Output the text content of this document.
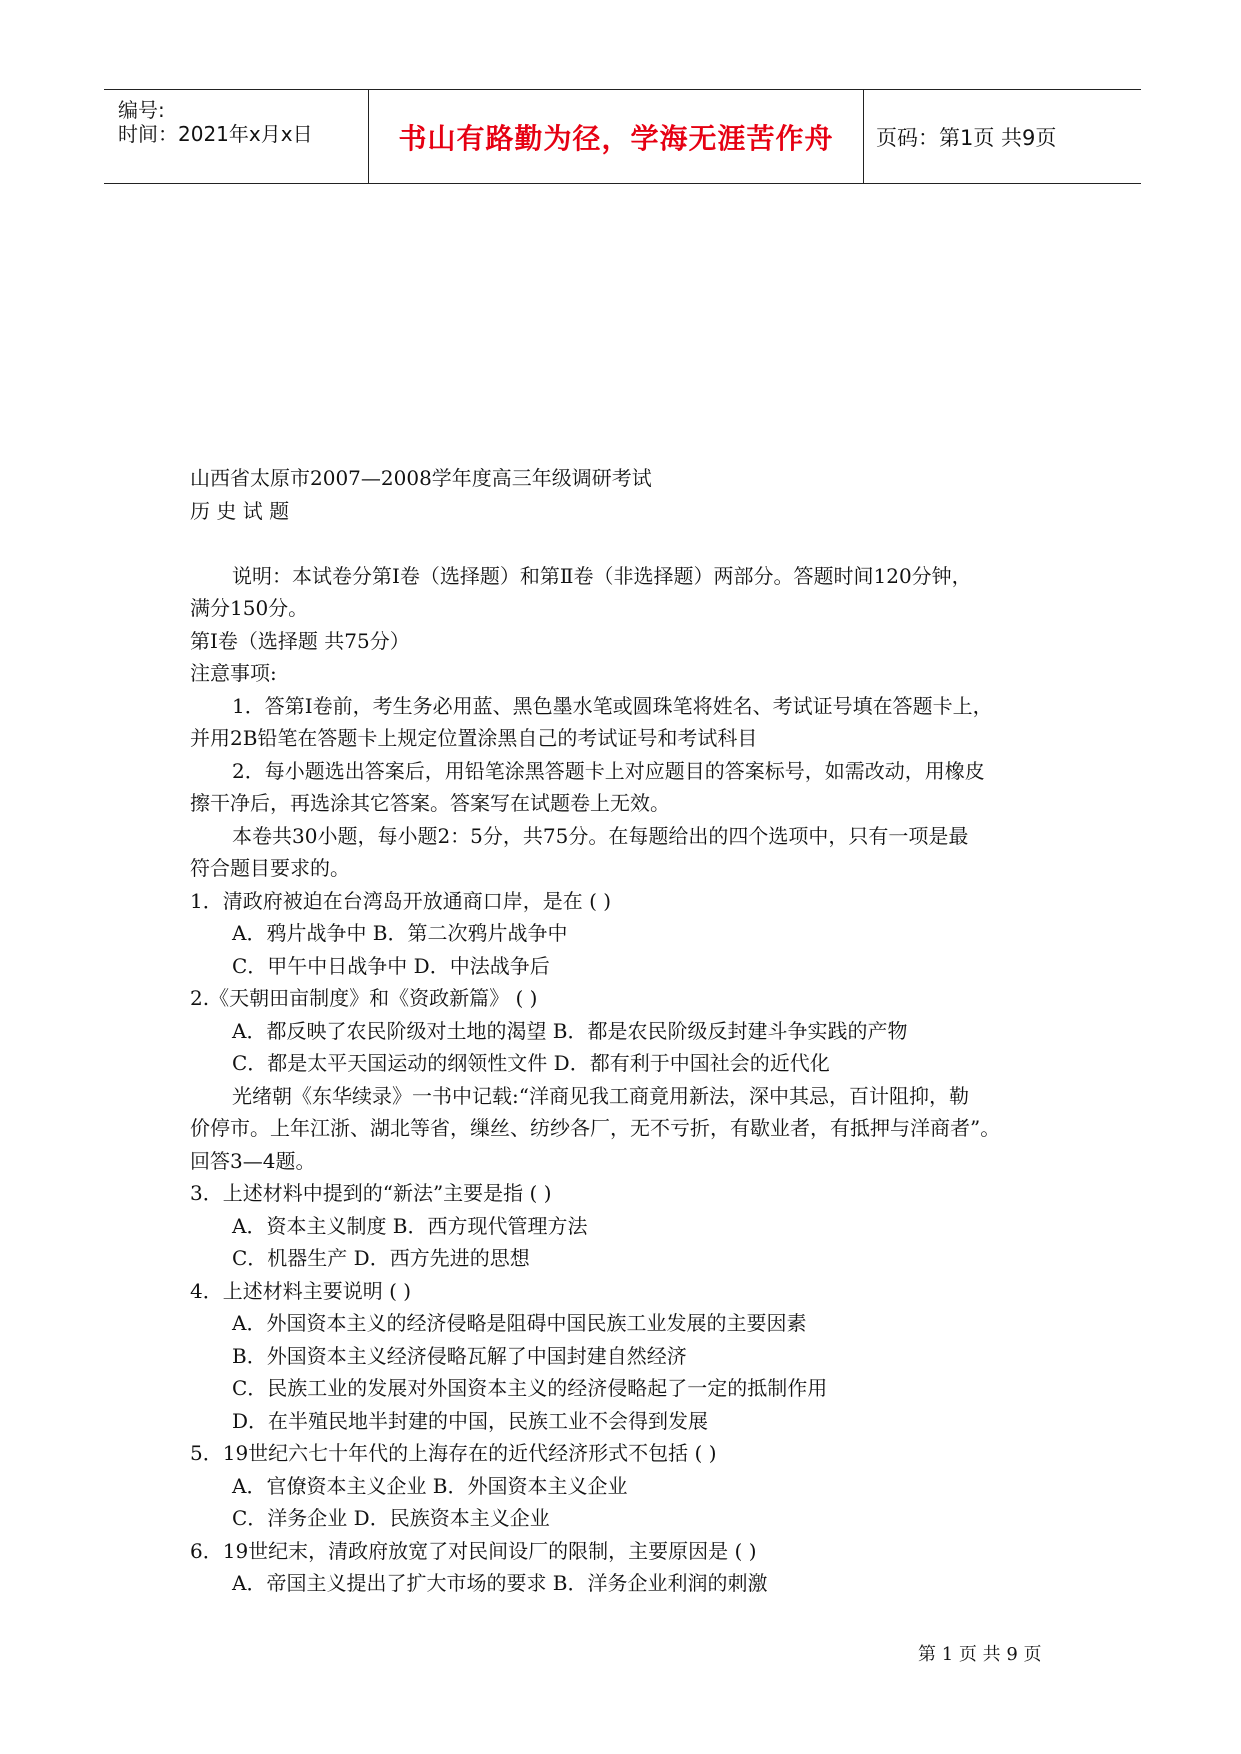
编号:
时间：2021年x月x日	书山有路勤为径，学海无涯苦作舟 页码：第1页 共9页
山西省太原市2007—2008学年度高三年级调研考试
历 史 试 题
说明：本试卷分第Ⅰ卷（选择题）和第Ⅱ卷（非选择题）两部分。答题时间120分钟，
满分150分。
第Ⅰ卷（选择题 共75分）
注意事项:
1．答第Ⅰ卷前，考生务必用蓝、黑色墨水笔或圆珠笔将姓名、考试证号填在答题卡上，
并用2B铅笔在答题卡上规定位置涂黑自己的考试证号和考试科目
2．每小题选出答案后，用铅笔涂黑答题卡上对应题目的答案标号，如需改动，用橡皮
擦干净后，再选涂其它答案。答案写在试题卷上无效。
本卷共30小题，每小题2：5分，共75分。在每题给出的四个选项中，只有一项是最
符合题目要求的。
1．清政府被迫在台湾岛开放通商口岸，是在 ( )
A．鸦片战争中 B．第二次鸦片战争中
C．甲午中日战争中 D．中法战争后
2.《天朝田亩制度》和《资政新篇》 ( )
A．都反映了农民阶级对土地的渴望 B．都是农民阶级反封建斗争实践的产物
C．都是太平天国运动的纲领性文件 D．都有利于中国社会的近代化
光绪朝《东华续录》一书中记载:“洋商见我工商竟用新法，深中其忌，百计阻抑，勒
价停市。上年江浙、湖北等省，缫丝、纺纱各厂，无不亏折，有歇业者，有抵押与洋商者”。
回答3—4题。
3．上述材料中提到的“新法”主要是指 ( )
A．资本主义制度 B．西方现代管理方法
C．机器生产 D．西方先进的思想
4．上述材料主要说明 ( )
A．外国资本主义的经济侵略是阻碍中国民族工业发展的主要因素
B．外国资本主义经济侵略瓦解了中国封建自然经济
C．民族工业的发展对外国资本主义的经济侵略起了一定的抵制作用
D．在半殖民地半封建的中国，民族工业不会得到发展
5．19世纪六七十年代的上海存在的近代经济形式不包括 ( )
A．官僚资本主义企业 B．外国资本主义企业
C．洋务企业 D．民族资本主义企业
6．19世纪末，清政府放宽了对民间设厂的限制，主要原因是 ( )
A．帝国主义提出了扩大市场的要求 B．洋务企业利润的刺激
第 1 页 共 9 页
